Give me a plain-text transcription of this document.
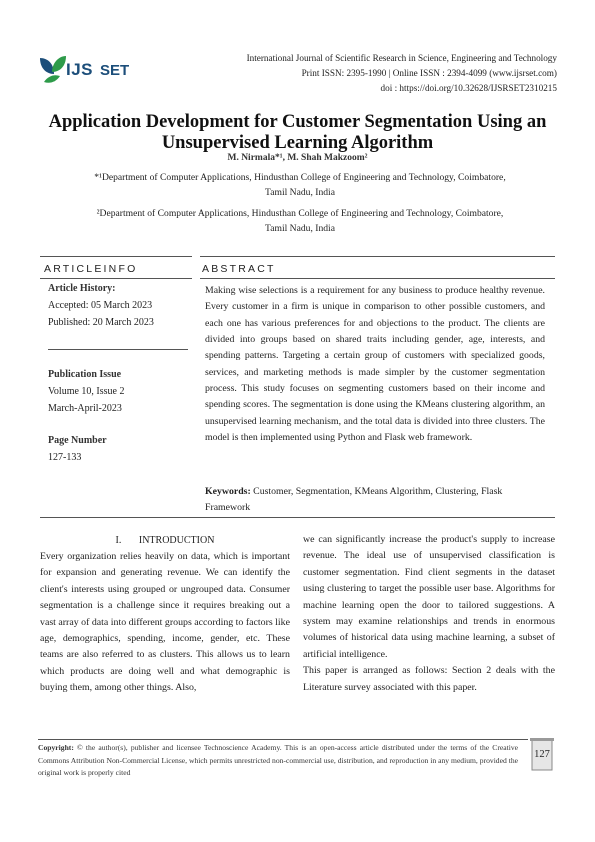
IJS SET
International Journal of Scientific Research in Science, Engineering and Technology
Print ISSN: 2395-1990 | Online ISSN : 2394-4099 (www.ijsrset.com)
doi : https://doi.org/10.32628/IJSRSET2310215
Application Development for Customer Segmentation Using an
Unsupervised Learning Algorithm
M. Nirmala*¹, M. Shah Makzoom²
*¹Department of Computer Applications, Hindusthan College of Engineering and Technology, Coimbatore,
Tamil Nadu, India
²Department of Computer Applications, Hindusthan College of Engineering and Technology, Coimbatore,
Tamil Nadu, India
ARTICLEINFO	ABSTRACT
Article History:
Accepted: 05 March 2023
Published: 20 March 2023
Publication Issue
Volume 10, Issue 2
March-April-2023
Page Number
127-133
Making wise selections is a requirement for any business to produce healthy revenue. Every customer in a firm is unique in comparison to other possible customers, and each one has various preferences for and objections to the product. The clients are divided into groups based on shared traits including gender, age, interests, and spending patterns. Targeting a certain group of customers with specialized goods, services, and marketing methods is made simpler by the customer segmentation process. This study focuses on segmenting customers based on their income and spending scores. The segmentation is done using the KMeans clustering algorithm, an unsupervised learning mechanism, and the total data is divided into three clusters. The model is then implemented using Python and Flask web framework.
Keywords: Customer, Segmentation, KMeans Algorithm, Clustering, Flask Framework
I.       INTRODUCTION

Every organization relies heavily on data, which is important for expansion and generating revenue. We can identify the client's interests using grouped or ungrouped data. Consumer segmentation is a challenge since it requires breaking out a vast array of data into different groups according to factors like age, demographics, spending, income, gender, etc. These teams are also referred to as clusters. This allows us to learn which products are doing well and what demographic is buying them, among other things. Also,

we can significantly increase the product's supply to increase revenue. The ideal use of unsupervised classification is customer segmentation. Find client segments in the dataset using clustering to target the possible user base. Algorithms for machine learning open the door to tailored suggestions. A system may examine relationships and trends in enormous volumes of historical data using machine learning, a subset of artificial intelligence.

This paper is arranged as follows: Section 2 deals with the Literature survey associated with this paper.

Copyright: © the author(s), publisher and licensee Technoscience Academy. This is an open-access article distributed under the terms of the Creative Commons Attribution Non-Commercial License, which permits unrestricted non-commercial use, distribution, and reproduction in any medium, provided the original work is properly cited
127
